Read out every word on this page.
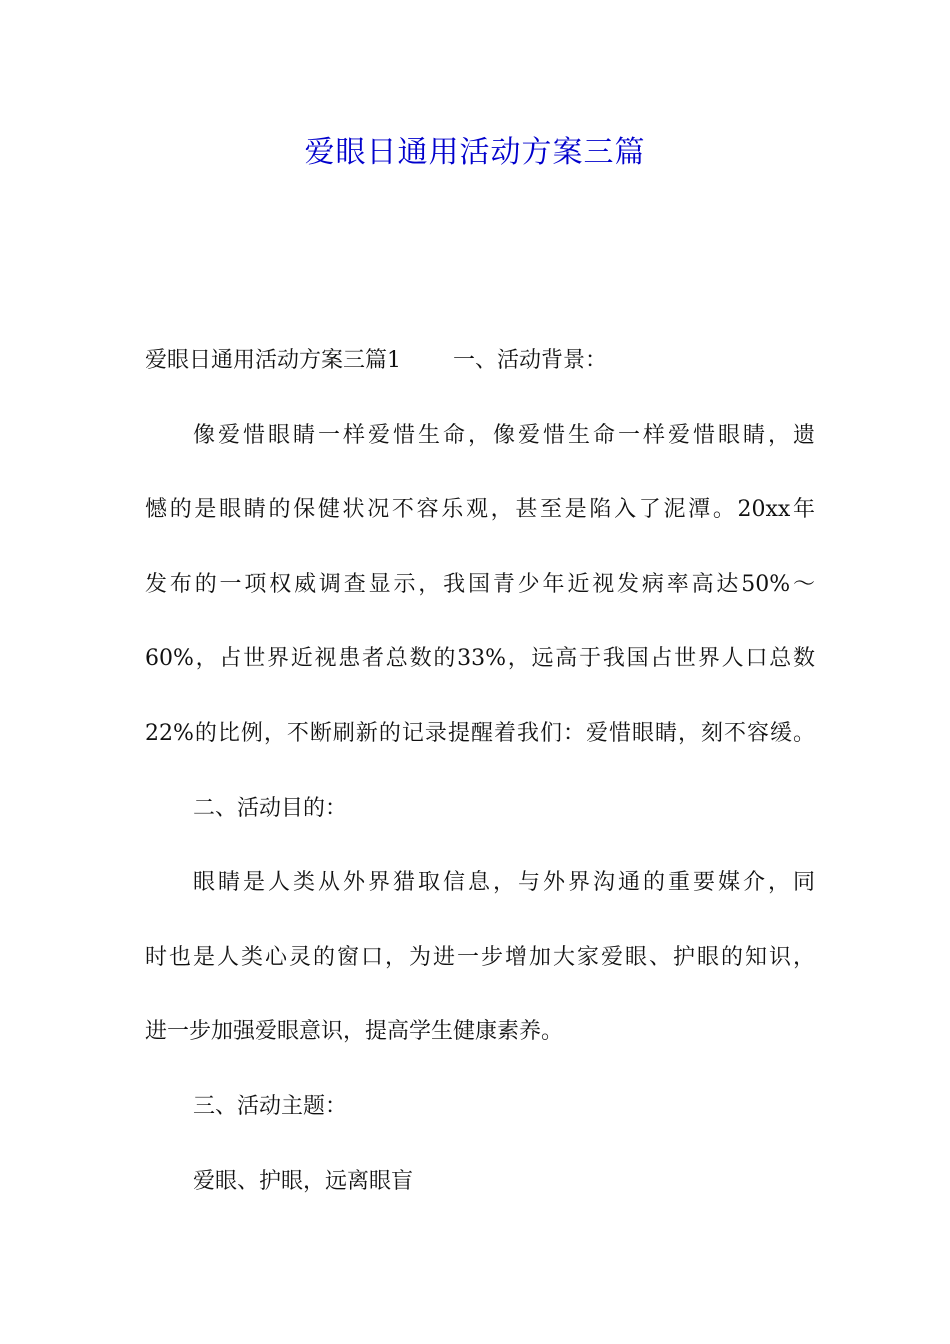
爱眼日通用活动方案三篇
爱眼日通用活动方案三篇1 一、活动背景：
像爱惜眼睛一样爱惜生命，像爱惜生命一样爱惜眼睛，遗
憾的是眼睛的保健状况不容乐观，甚至是陷入了泥潭。20xx年
发布的一项权威调查显示，我国青少年近视发病率高达50%～
60%，占世界近视患者总数的33%，远高于我国占世界人口总数
22%的比例，不断刷新的记录提醒着我们：爱惜眼睛，刻不容缓。
二、活动目的：
眼睛是人类从外界猎取信息，与外界沟通的重要媒介，同
时也是人类心灵的窗口，为进一步增加大家爱眼、护眼的知识，
进一步加强爱眼意识，提高学生健康素养。
三、活动主题：
爱眼、护眼，远离眼盲
